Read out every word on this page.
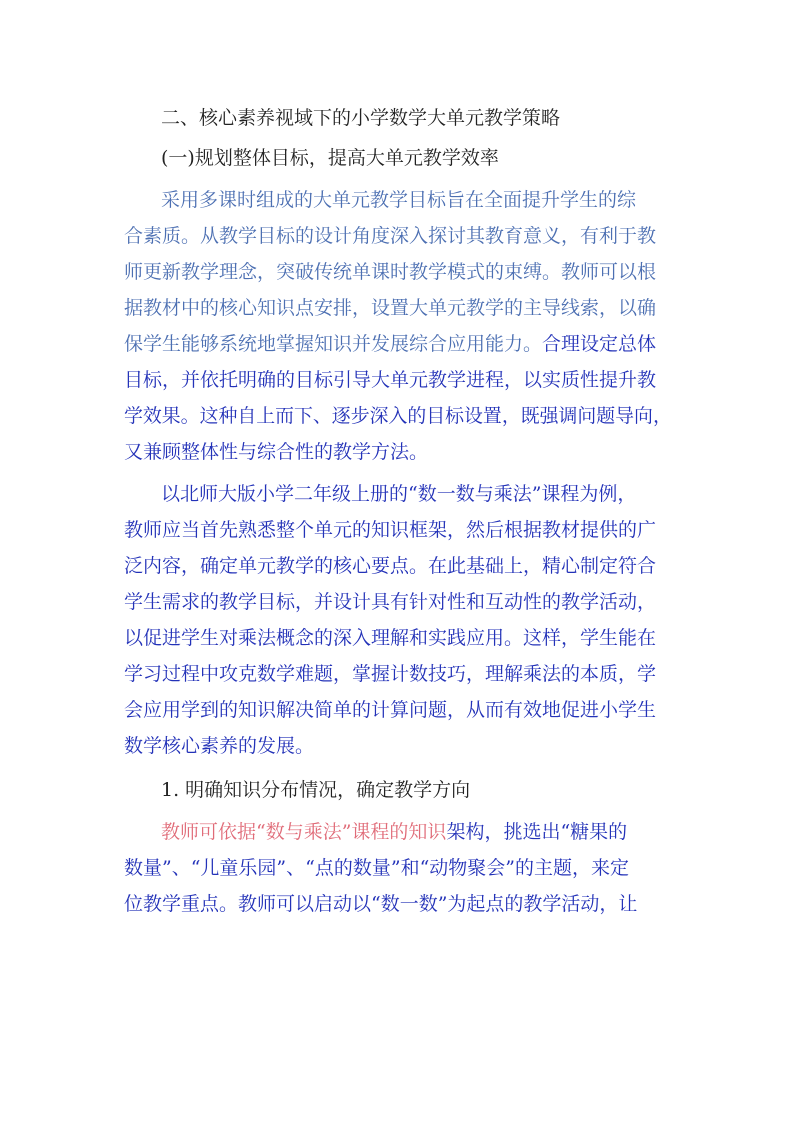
二、核心素养视域下的小学数学大单元教学策略
(一)规划整体目标，提高大单元教学效率
采用多课时组成的大单元教学目标旨在全面提升学生的综
合素质。从教学目标的设计角度深入探讨其教育意义，有利于教
师更新教学理念，突破传统单课时教学模式的束缚。教师可以根
据教材中的核心知识点安排，设置大单元教学的主导线索，以确
保学生能够系统地掌握知识并发展综合应用能力。合理设定总体
目标，并依托明确的目标引导大单元教学进程，以实质性提升教
学效果。这种自上而下、逐步深入的目标设置，既强调问题导向，
又兼顾整体性与综合性的教学方法。
以北师大版小学二年级上册的“数一数与乘法”课程为例，
教师应当首先熟悉整个单元的知识框架，然后根据教材提供的广
泛内容，确定单元教学的核心要点。在此基础上，精心制定符合
学生需求的教学目标，并设计具有针对性和互动性的教学活动，
以促进学生对乘法概念的深入理解和实践应用。这样，学生能在
学习过程中攻克数学难题，掌握计数技巧，理解乘法的本质，学
会应用学到的知识解决简单的计算问题，从而有效地促进小学生
数学核心素养的发展。
1. 明确知识分布情况，确定教学方向
教师可依据“数与乘法”课程的知识架构，挑选出“糖果的
数量”、“儿童乐园”、“点的数量”和“动物聚会”的主题，来定
位教学重点。教师可以启动以“数一数”为起点的教学活动，让
